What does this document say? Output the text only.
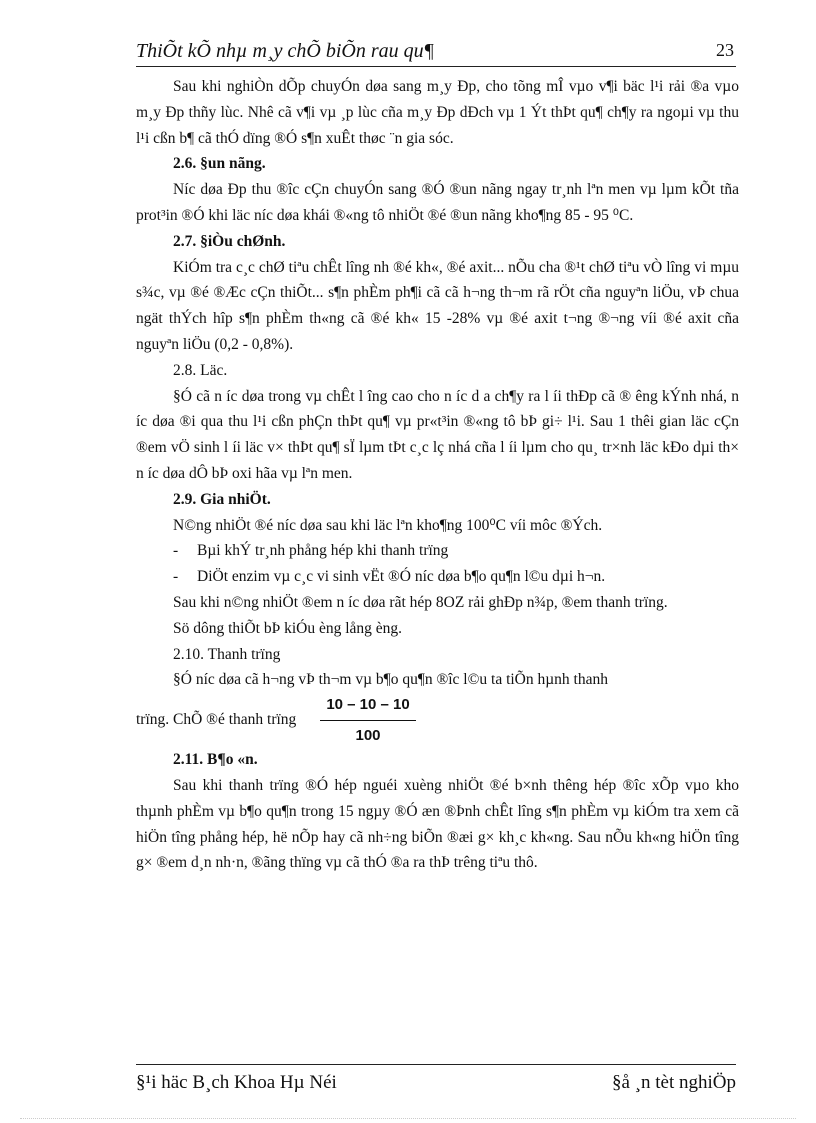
ThiÕt kÕ nhµ m¸y chÕ biÕn rau qu¶	23

Sau khi nghiÒn dÕp chuyÓn døa sang m¸y Ðp, cho tõng mÎ vµo v¶i bäc l¹i rải ®a vµo m¸y Ðp thñy lùc. Nhê cã v¶i vµ ¸p lùc cña m¸y Ðp dÐch vµ 1 Ýt thÞt qu¶ ch¶y ra ngoµi vµ thu l¹i cßn b¶ cã thÓ dïng ®Ó s¶n xuÊt thøc ¨n gia sóc.

2.6. §un nãng.

Níc døa Ðp thu ®îc cÇn chuyÓn sang ®Ó ®un nãng ngay tr¸nh lªn men vµ lµm kÕt tña prot³in ®Ó khi läc níc døa khái ®«ng tô nhiÖt ®é ®un nãng kho¶ng 85 - 95 ⁰C.

2.7. §iÒu chØnh.

KiÓm tra c¸c chØ tiªu chÊt lîng nh ®é kh«, ®é axit... nÕu cha ®¹t chØ tiªu vÒ lîng vi mµu s¾c, vµ ®é ®Æc cÇn thiÕt... s¶n phÈm ph¶i cã cã h¬ng th¬m rã rÖt cña nguyªn liÖu, vÞ chua ngät thÝch hîp s¶n phÈm th«ng cã ®é kh« 15 -28% vµ ®é axit t¬ng ®¬ng víi ®é axit cña nguyªn liÖu (0,2 - 0,8%).

2.8. Läc.

§Ó cã n íc døa trong vµ chÊt l îng cao cho n íc d a ch¶y ra l íi thÐp cã ® êng kÝnh nhá, n íc døa ®i qua thu l¹i cßn phÇn thÞt qu¶ vµ pr«t³in ®«ng tô bÞ gi÷ l¹i. Sau 1 thêi gian läc cÇn ®em vÖ sinh l íi läc v× thÞt qu¶ sÏ lµm tÞt c¸c lç nhá cña l íi lµm cho qu¸ tr×nh läc kÐo dµi th× n íc døa dÔ bÞ oxi hãa vµ lªn men.

2.9. Gia nhiÖt.

N©ng nhiÖt ®é níc døa sau khi läc lªn kho¶ng 100⁰C víi môc ®Ých.

- Bµi khÝ tr¸nh phång hép khi thanh trïng

- DiÖt enzim vµ c¸c vi sinh vËt ®Ó níc døa b¶o qu¶n l©u dµi h¬n.

Sau khi n©ng nhiÖt ®em n íc døa rãt hép 8OZ rải ghÐp n¾p, ®em thanh trïng.

Sö dông thiÕt bÞ kiÓu èng lång èng.

2.10. Thanh trïng

§Ó níc døa cã h¬ng vÞ th¬m vµ b¶o qu¶n ®îc l©u ta tiÕn hµnh thanh

trïng. ChÕ ®é thanh trïng $\frac{10 - 10 - 10}{100}$

2.11. B¶o «n.

Sau khi thanh trïng ®Ó hép nguéi xuèng nhiÖt ®é b×nh thêng hép ®îc xÕp vµo kho thµnh phÈm vµ b¶o qu¶n trong 15 ngµy ®Ó æn ®Þnh chÊt lîng s¶n phÈm vµ kiÓm tra xem cã hiÖn tîng phång hép, hë nÕp hay cã nh÷ng biÕn ®æi g× kh¸c kh«ng. Sau nÕu kh«ng hiÖn tîng g× ®em d¸n nh·n, ®ãng thïng vµ cã thÓ ®a ra thÞ trêng tiªu thô.

§¹i häc B¸ch Khoa Hµ Néi	§å ¸n tèt nghiÖp
